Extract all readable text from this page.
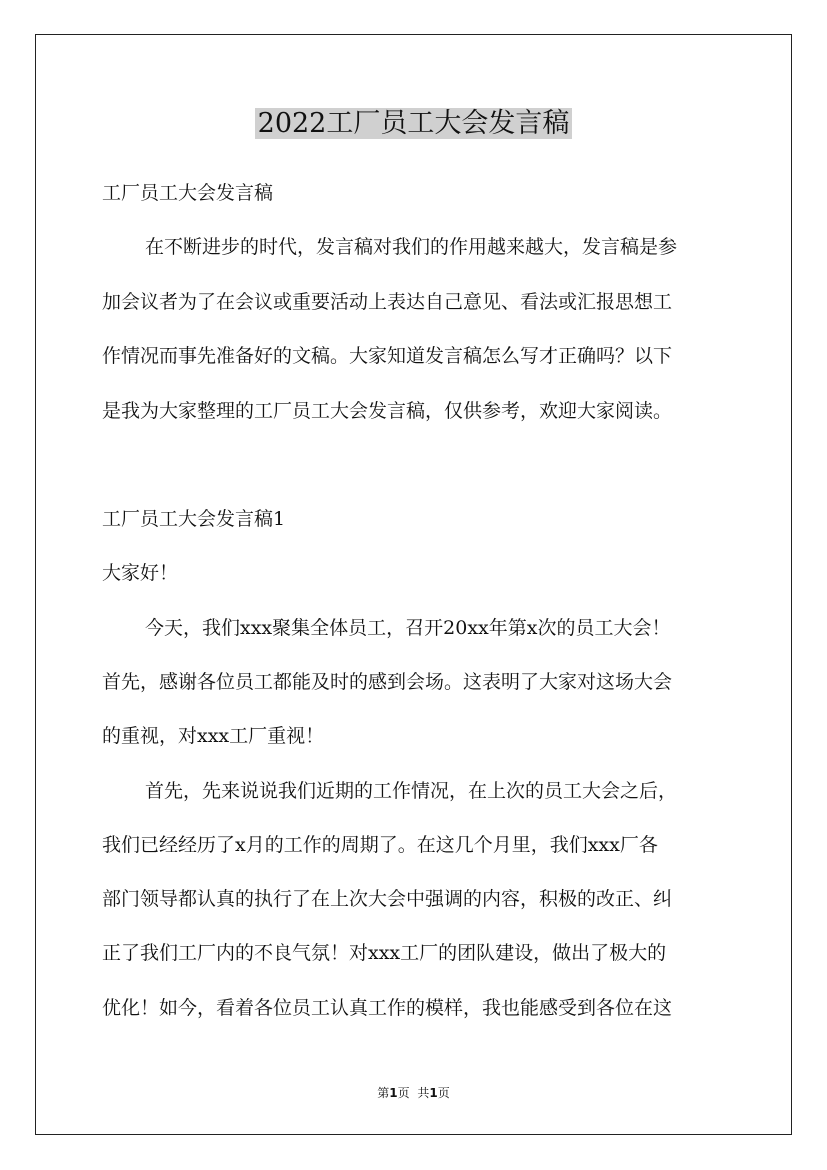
2022工厂员工大会发言稿
工厂员工大会发言稿
在不断进步的时代，发言稿对我们的作用越来越大，发言稿是参
加会议者为了在会议或重要活动上表达自己意见、看法或汇报思想工
作情况而事先准备好的文稿。大家知道发言稿怎么写才正确吗？以下
是我为大家整理的工厂员工大会发言稿，仅供参考，欢迎大家阅读。
工厂员工大会发言稿1
大家好！
今天，我们xxx聚集全体员工，召开20xx年第x次的员工大会！
首先，感谢各位员工都能及时的感到会场。这表明了大家对这场大会
的重视，对xxx工厂重视！
首先，先来说说我们近期的工作情况，在上次的员工大会之后，
我们已经经历了x月的工作的周期了。在这几个月里，我们xxx厂各
部门领导都认真的执行了在上次大会中强调的内容，积极的改正、纠
正了我们工厂内的不良气氛！对xxx工厂的团队建设，做出了极大的
优化！如今，看着各位员工认真工作的模样，我也能感受到各位在这
第1页 共1页
